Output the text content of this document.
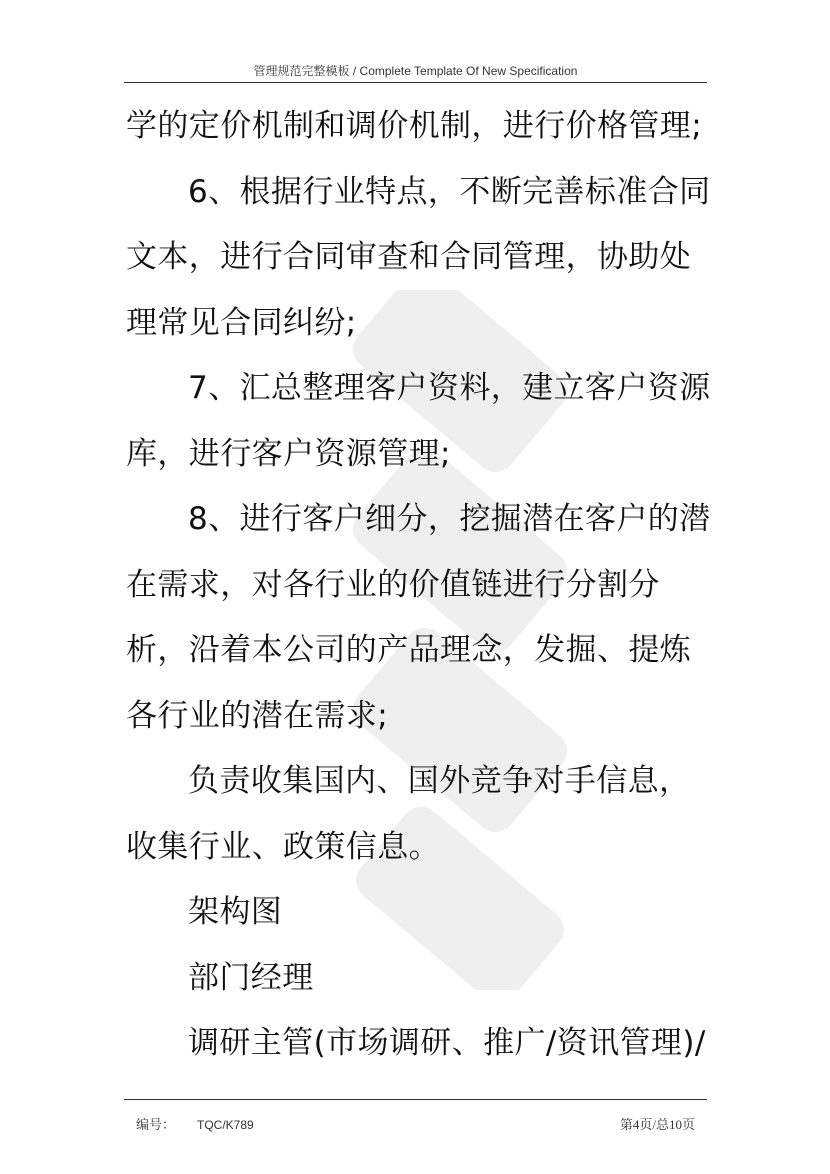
管理规范完整模板 / Complete Template Of New Specification

学的定价机制和调价机制，进行价格管理;

6、根据行业特点，不断完善标准合同

文本，进行合同审查和合同管理，协助处

理常见合同纠纷;

7、汇总整理客户资料，建立客户资源

库，进行客户资源管理;

8、进行客户细分，挖掘潜在客户的潜

在需求，对各行业的价值链进行分割分

析，沿着本公司的产品理念，发掘、提炼

各行业的潜在需求;

负责收集国内、国外竞争对手信息，

收集行业、政策信息。

架构图

部门经理

调研主管(市场调研、推广/资讯管理)/

编号： TQC/K789	第4页/总10页
